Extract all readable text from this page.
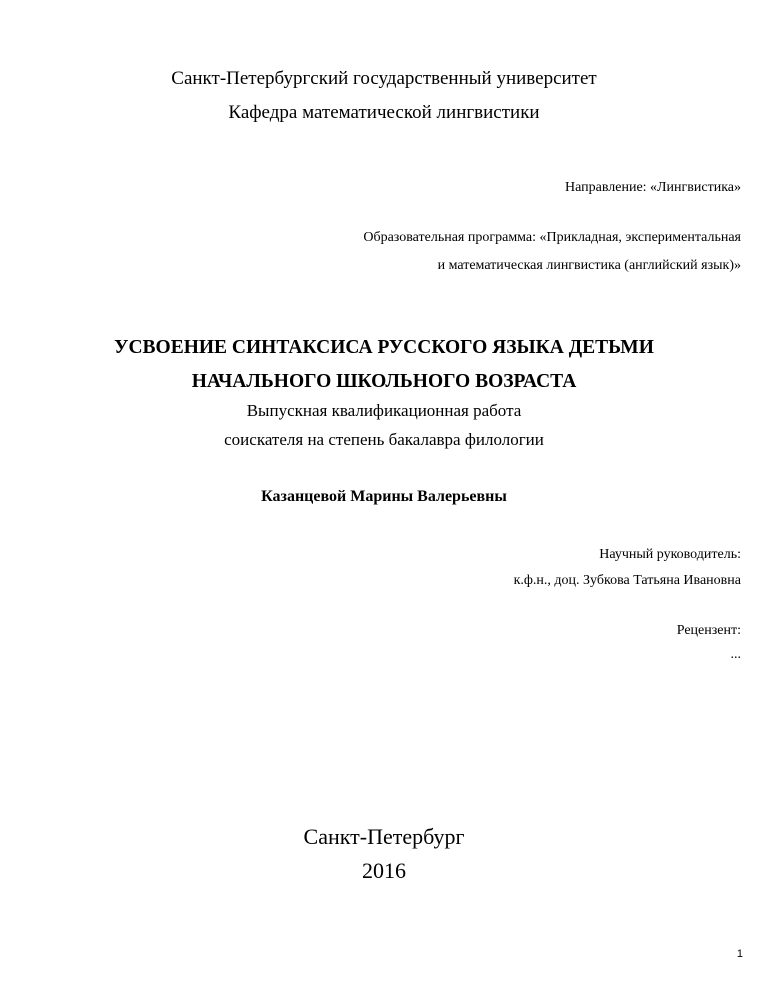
Санкт-Петербургский государственный университет
Кафедра математической лингвистики
Направление: «Лингвистика»
Образовательная программа: «Прикладная, экспериментальная
и математическая лингвистика (английский язык)»
УСВОЕНИЕ СИНТАКСИСА РУССКОГО ЯЗЫКА ДЕТЬМИ
НАЧАЛЬНОГО ШКОЛЬНОГО ВОЗРАСТА
Выпускная квалификационная работа
соискателя на степень бакалавра филологии
Казанцевой Марины Валерьевны
Научный руководитель:
к.ф.н., доц. Зубкова Татьяна Ивановна
Рецензент:
...
Санкт-Петербург
2016
1
